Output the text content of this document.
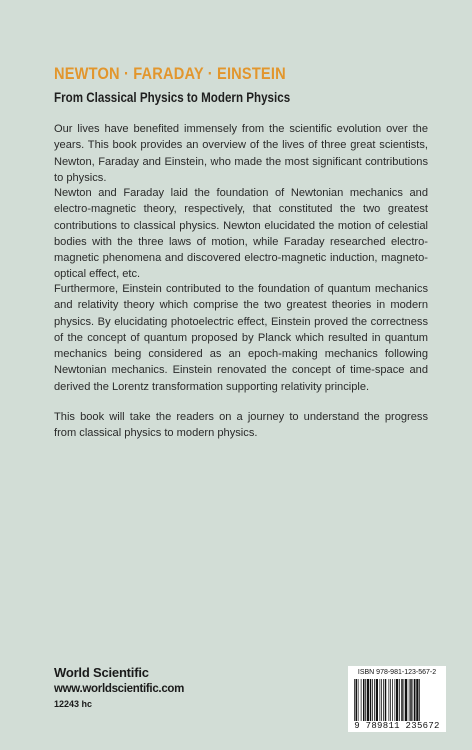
NEWTON · FARADAY · EINSTEIN
From Classical Physics to Modern Physics

Our lives have benefited immensely from the scientific evolution over the years. This book provides an overview of the lives of three great scientists, Newton, Faraday and Einstein, who made the most significant contributions to physics.

Newton and Faraday laid the foundation of Newtonian mechanics and electro-magnetic theory, respectively, that constituted the two greatest contributions to classical physics. Newton elucidated the motion of celestial bodies with the three laws of motion, while Faraday researched electro-magnetic phenomena and discovered electro-magnetic induction, magneto-optical effect, etc.

Furthermore, Einstein contributed to the foundation of quantum mechanics and relativity theory which comprise the two greatest theories in modern physics. By elucidating photoelectric effect, Einstein proved the correctness of the concept of quantum proposed by Planck which resulted in quantum mechanics being considered as an epoch-making mechanics following Newtonian mechanics. Einstein renovated the concept of time-space and derived the Lorentz transformation supporting relativity principle.

This book will take the readers on a journey to understand the progress from classical physics to modern physics.

World Scientific

www.worldscientific.com

12243 hc

ISBN 978-981-123-567-2

9 789811 235672
